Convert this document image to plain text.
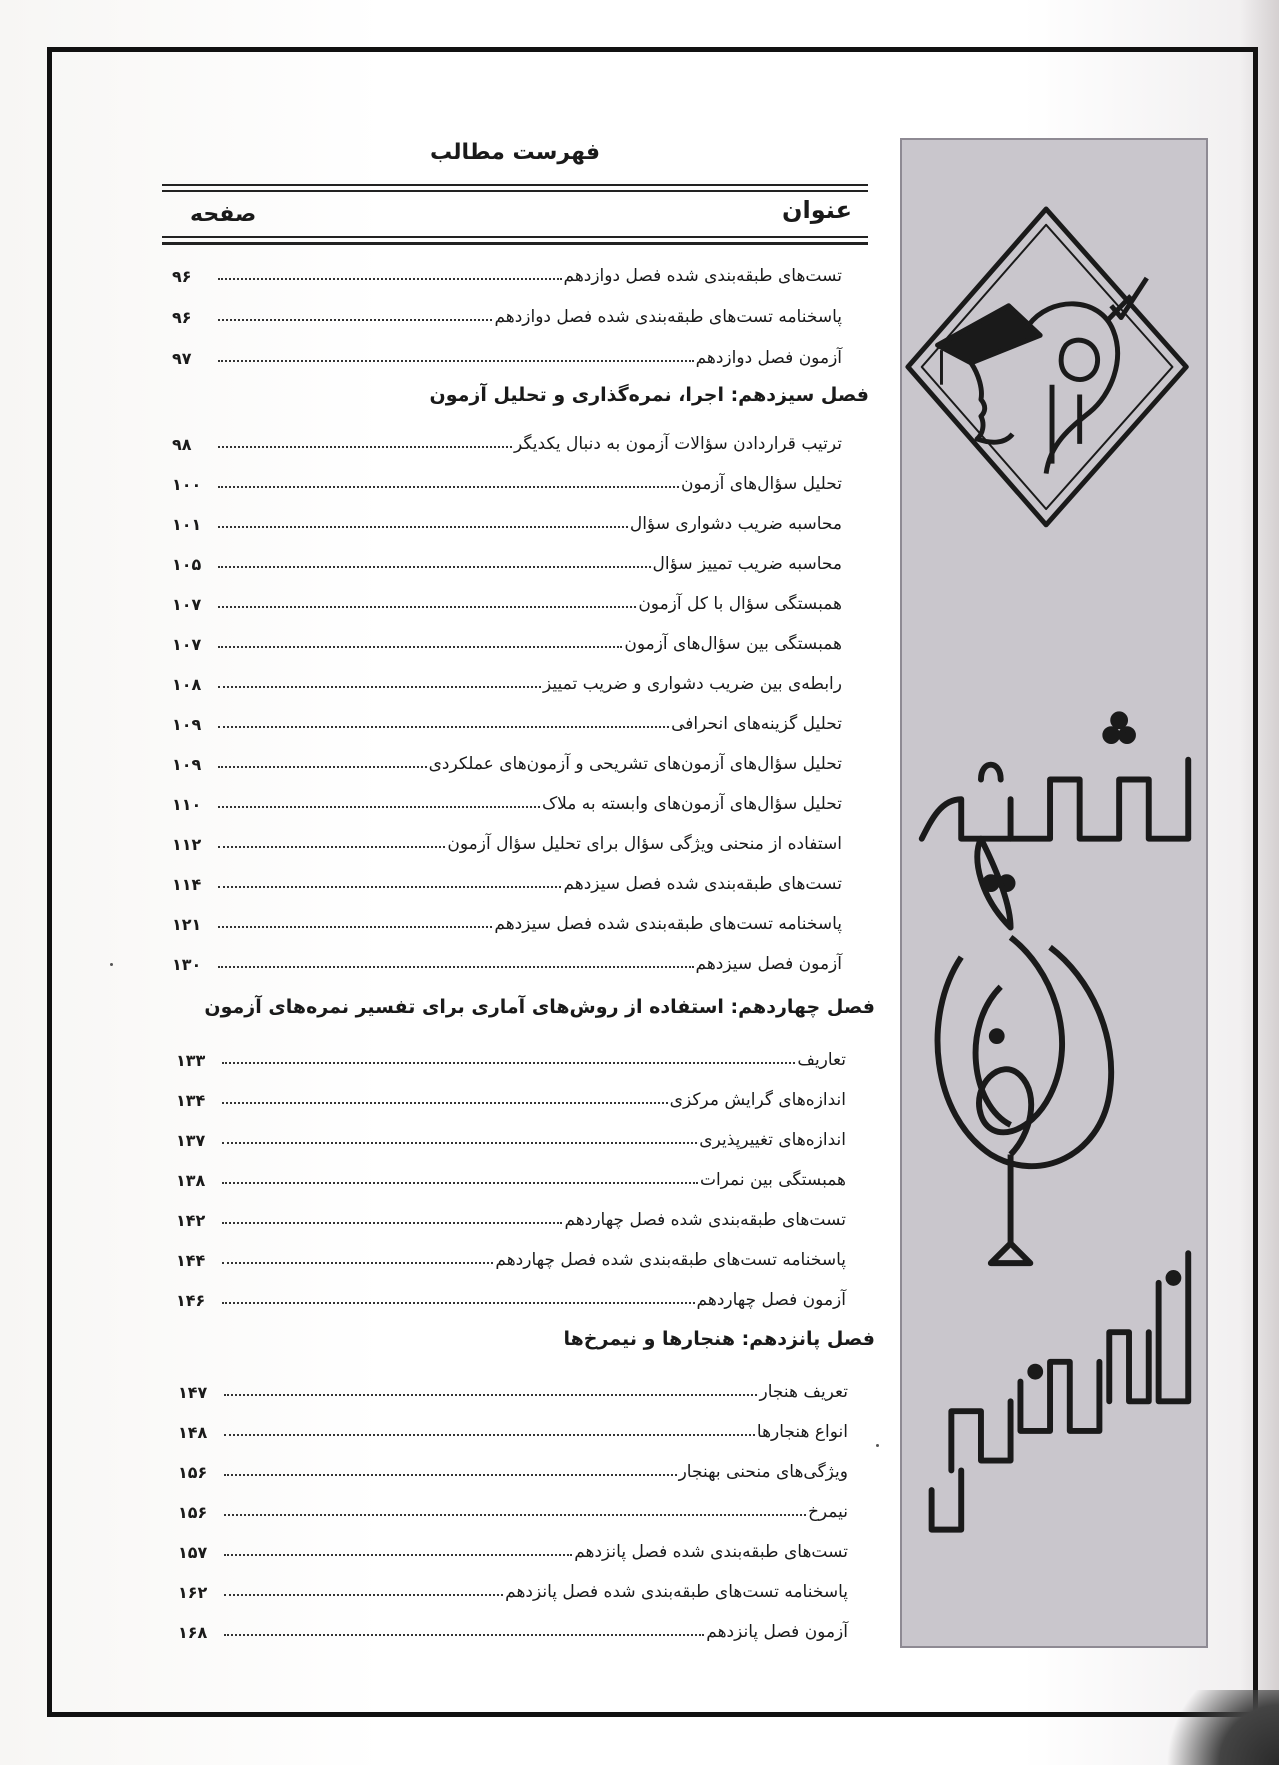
فهرست مطالب
عنوان
صفحه
تست‌های طبقه‌بندی شده فصل دوازدهم
۹۶
پاسخنامه تست‌های طبقه‌بندی شده فصل دوازدهم
۹۶
آزمون فصل دوازدهم
۹۷
فصل سیزدهم: اجرا، نمره‌گذاری و تحلیل آزمون
ترتیب قراردادن سؤالات آزمون به دنبال یکدیگر
۹۸
تحلیل سؤال‌های آزمون
۱۰۰
محاسبه ضریب دشواری سؤال
۱۰۱
محاسبه ضریب تمییز سؤال
۱۰۵
همبستگی سؤال با کل آزمون
۱۰۷
همبستگی بین سؤال‌های آزمون
۱۰۷
رابطه‌ی بین ضریب دشواری و ضریب تمییز
۱۰۸
تحلیل گزینه‌های انحرافی
۱۰۹
تحلیل سؤال‌های آزمون‌های تشریحی و آزمون‌های عملکردی
۱۰۹
تحلیل سؤال‌های آزمون‌های وابسته به ملاک
۱۱۰
استفاده از منحنی ویژگی سؤال برای تحلیل سؤال آزمون
۱۱۲
تست‌های طبقه‌بندی شده فصل سیزدهم
۱۱۴
پاسخنامه تست‌های طبقه‌بندی شده فصل سیزدهم
۱۲۱
آزمون فصل سیزدهم
۱۳۰
فصل چهاردهم: استفاده از روش‌های آماری برای تفسیر نمره‌های آزمون
تعاریف
۱۳۳
اندازه‌های گرایش مرکزی
۱۳۴
اندازه‌های تغییرپذیری
۱۳۷
همبستگی بین نمرات
۱۳۸
تست‌های طبقه‌بندی شده فصل چهاردهم
۱۴۲
پاسخنامه تست‌های طبقه‌بندی شده فصل چهاردهم
۱۴۴
آزمون فصل چهاردهم
۱۴۶
فصل پانزدهم: هنجارها و نیمرخ‌ها
تعریف هنجار
۱۴۷
انواع هنجارها
۱۴۸
ویژگی‌های منحنی بهنجار
۱۵۶
نیمرخ
۱۵۶
تست‌های طبقه‌بندی شده فصل پانزدهم
۱۵۷
پاسخنامه تست‌های طبقه‌بندی شده فصل پانزدهم
۱۶۲
آزمون فصل پانزدهم
۱۶۸
